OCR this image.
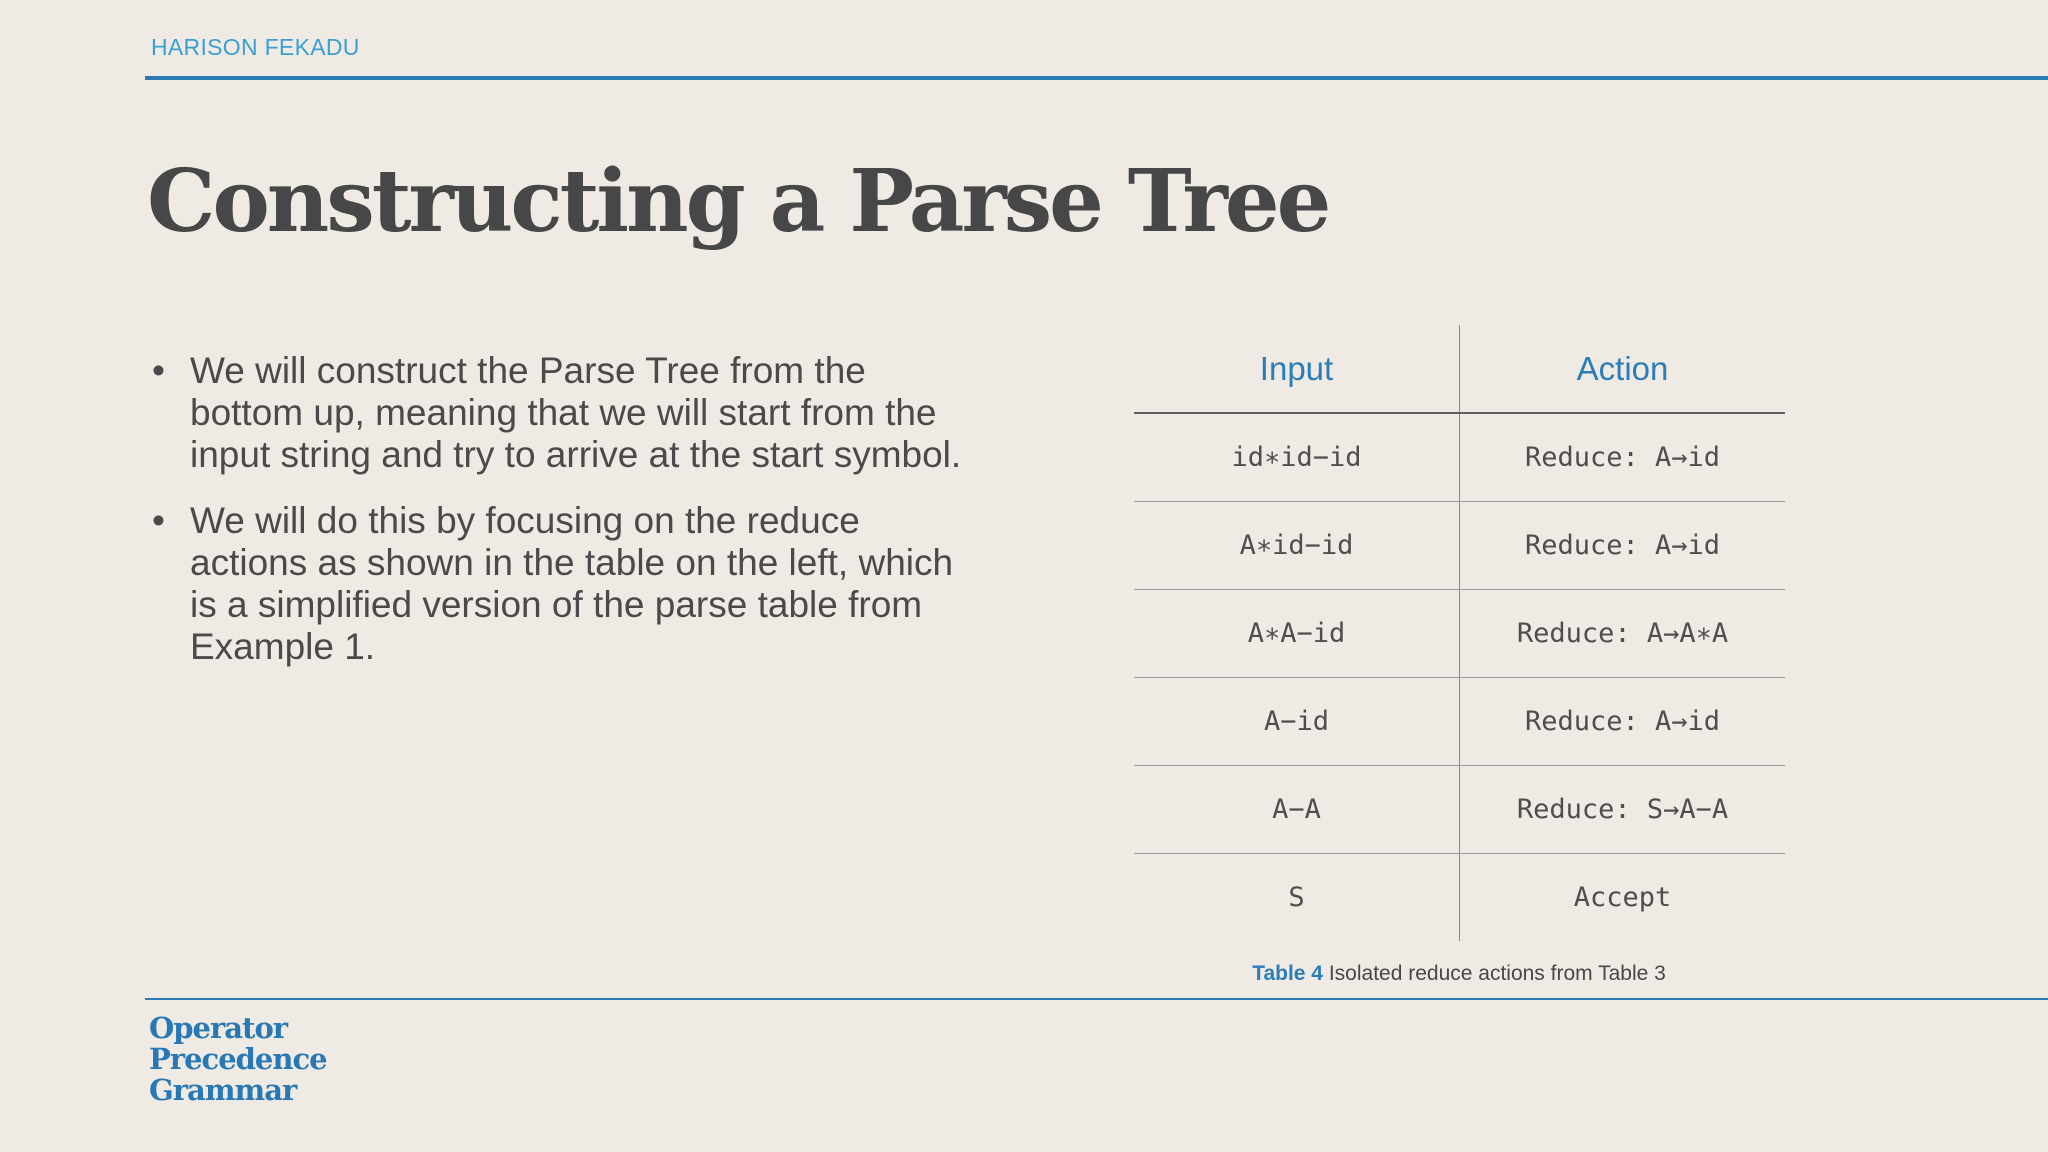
HARISON FEKADU
Constructing a Parse Tree
• We will construct the Parse Tree from the bottom up, meaning that we will start from the input string and try to arrive at the start symbol.
• We will do this by focusing on the reduce actions as shown in the table on the left, which is a simplified version of the parse table from Example 1.
Input	Action
id∗id−id	Reduce: A→id
A∗id−id	Reduce: A→id
A∗A−id	Reduce: A→A∗A
A−id	Reduce: A→id
A−A	Reduce: S→A−A
S	Accept
Table 4 Isolated reduce actions from Table 3
Operator
Precedence
Grammar
